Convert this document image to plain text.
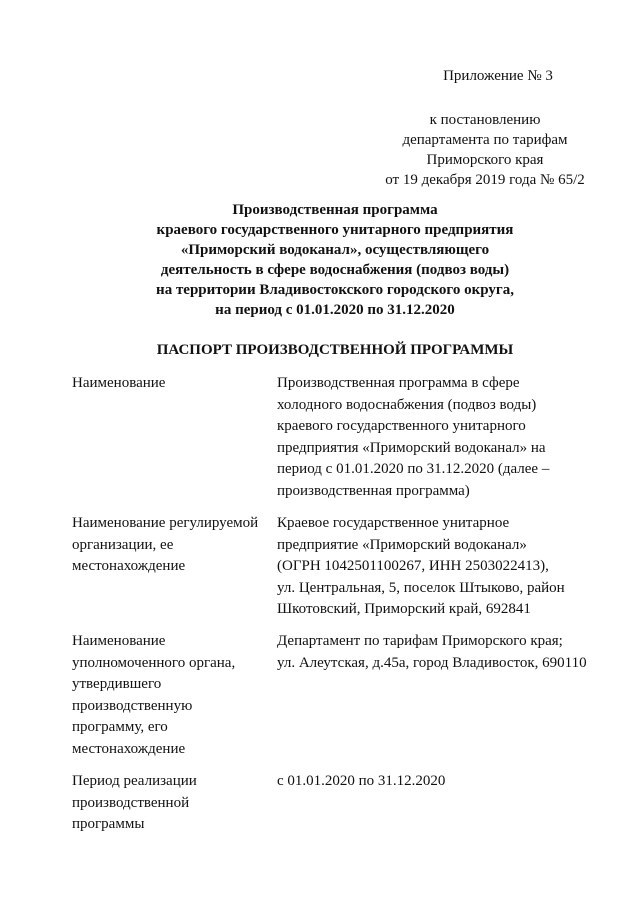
Приложение № 3
к постановлению
департамента по тарифам
Приморского края
от 19 декабря 2019 года № 65/2
Производственная программа
краевого государственного унитарного предприятия
«Приморский водоканал», осуществляющего
деятельность в сфере водоснабжения (подвоз воды)
на территории Владивостокского городского округа,
на период с 01.01.2020 по 31.12.2020
ПАСПОРТ ПРОИЗВОДСТВЕННОЙ ПРОГРАММЫ
Наименование	Производственная программа в сфере
холодного водоснабжения (подвоз воды)
краевого государственного унитарного
предприятия «Приморский водоканал» на
период с 01.01.2020 по 31.12.2020 (далее –
производственная программа)
Наименование регулируемой
организации, ее
местонахождение
Краевое государственное унитарное
предприятие «Приморский водоканал»
(ОГРН 1042501100267, ИНН 2503022413),
ул. Центральная, 5, поселок Штыково, район
Шкотовский, Приморский край, 692841
Наименование
уполномоченного органа,
утвердившего
производственную
программу, его
местонахождение
Департамент по тарифам Приморского края;
ул. Алеутская, д.45а, город Владивосток, 690110
Период реализации
производственной
программы
с 01.01.2020 по 31.12.2020
